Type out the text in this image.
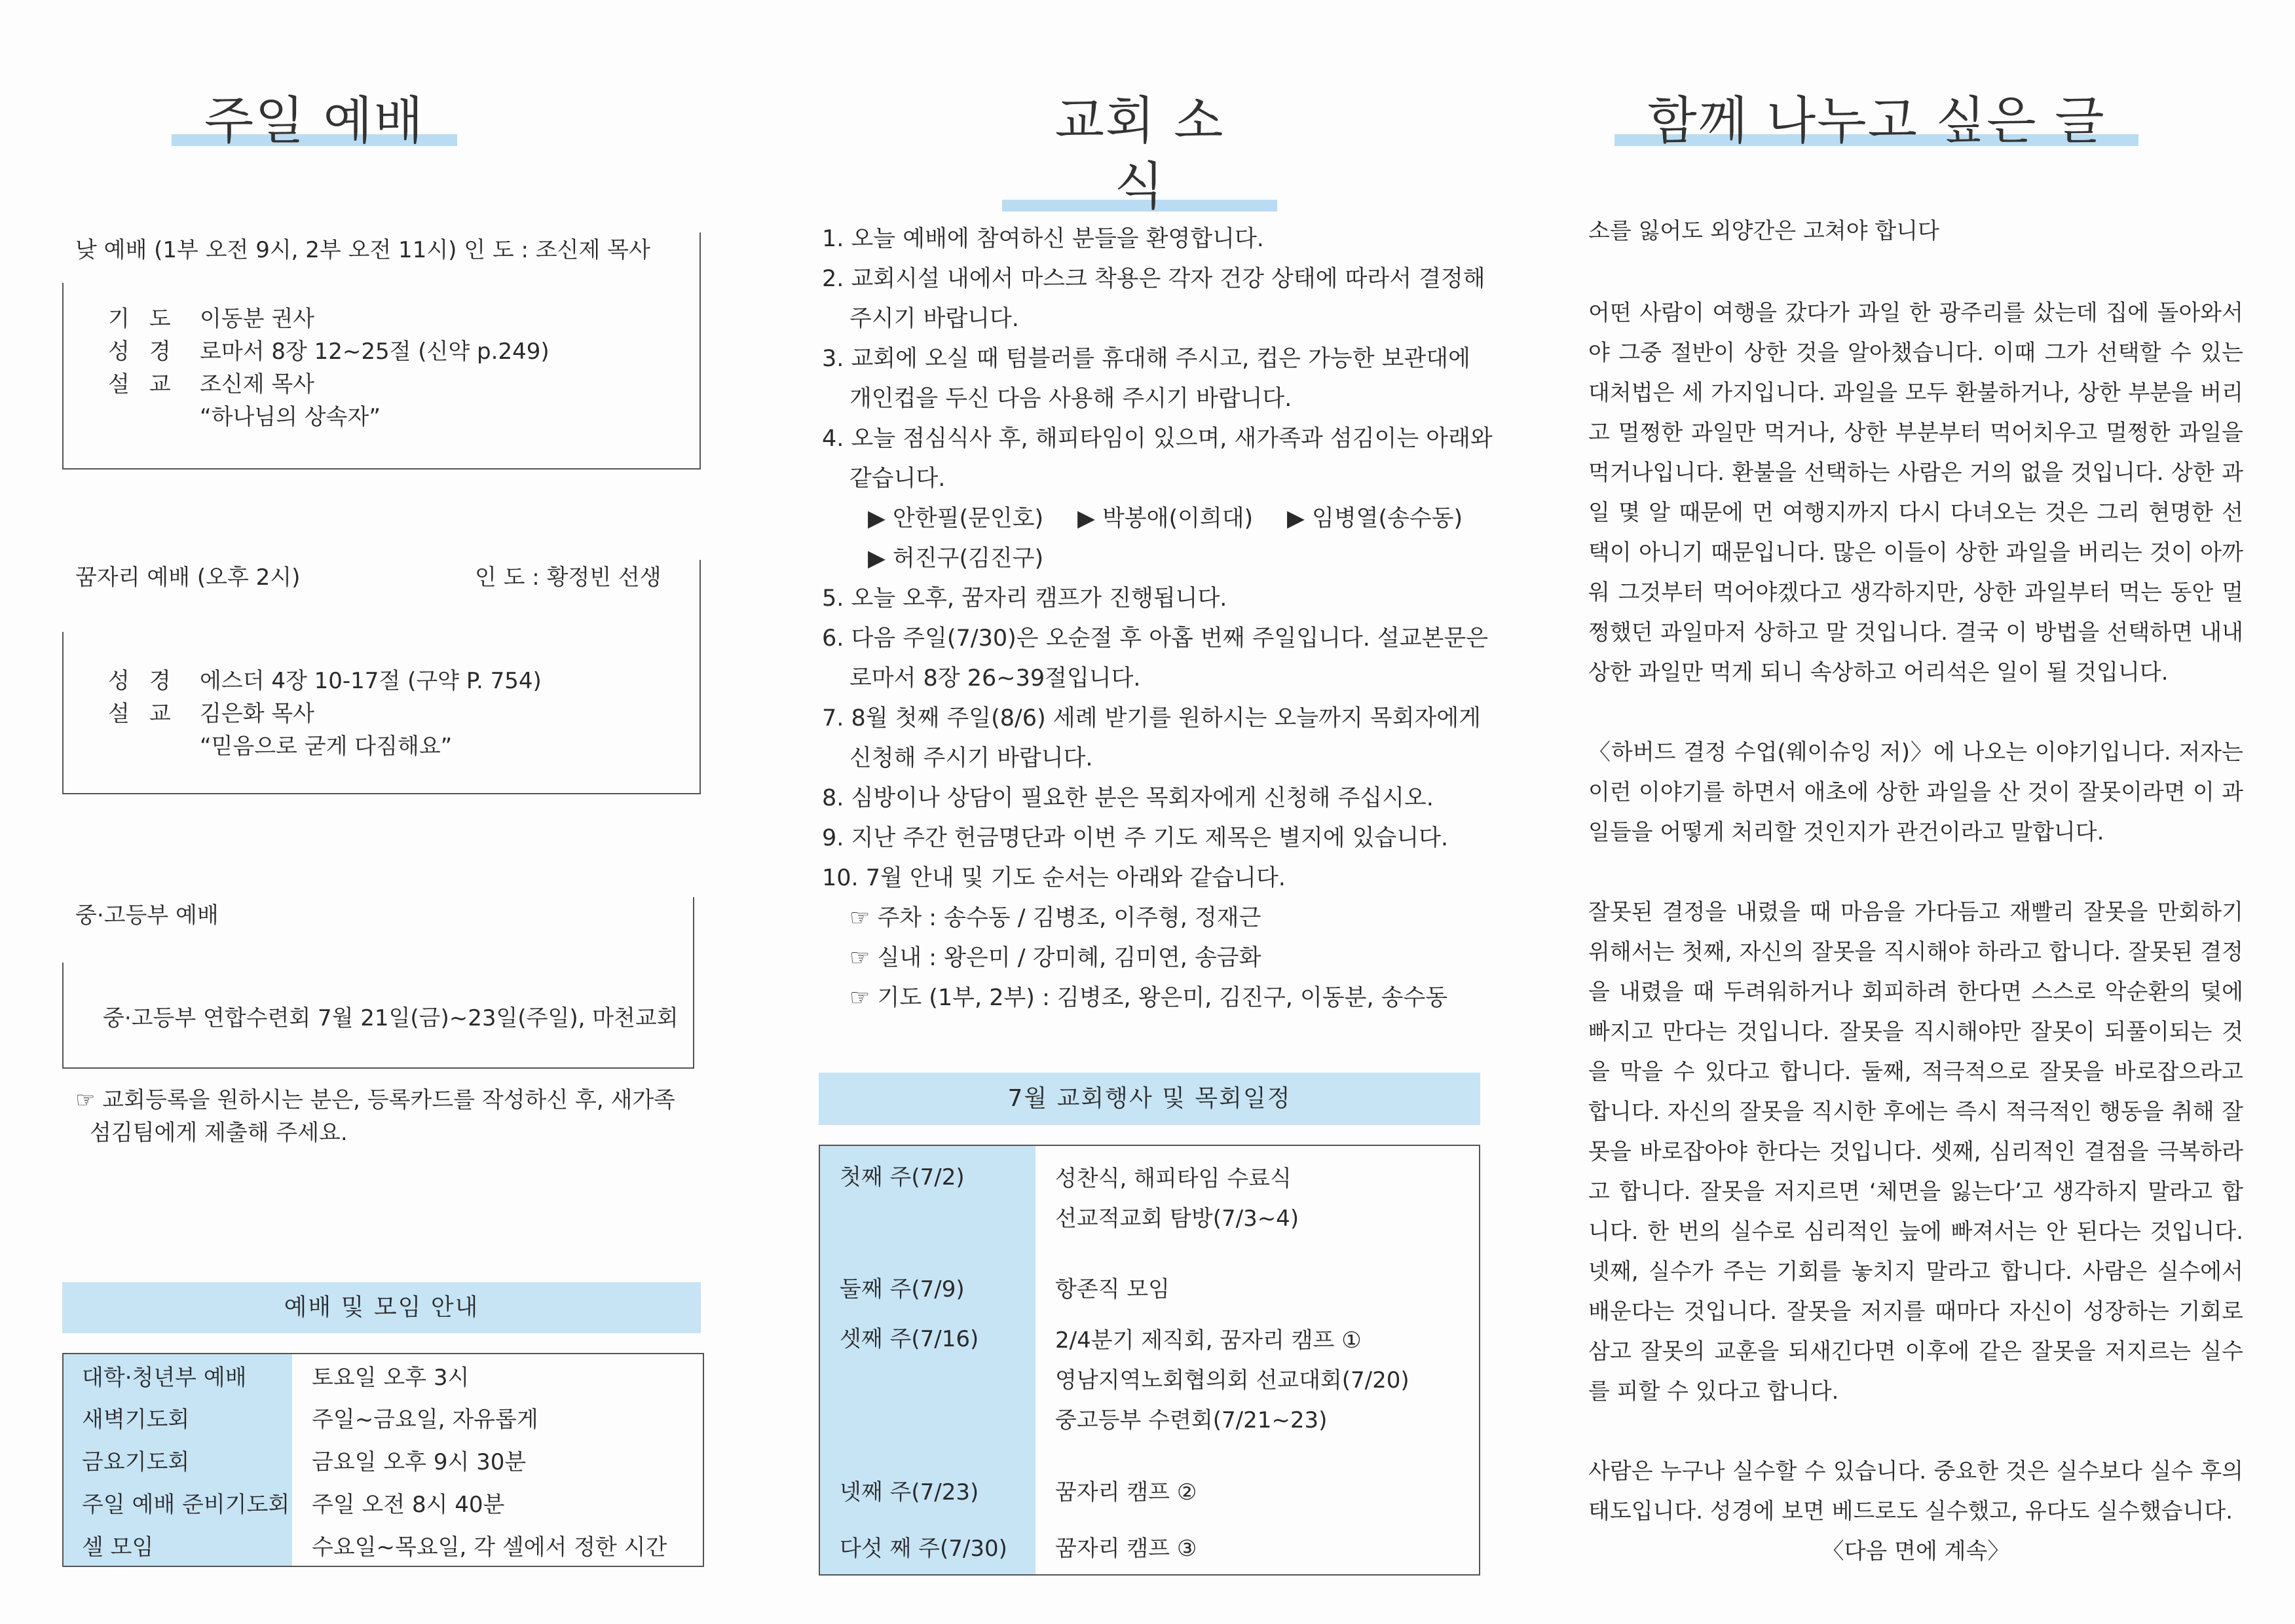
주일 예배
낮 예배 (1부 오전 9시, 2부 오전 11시) 인 도 : 조신제 목사
기도 이동분 권사
성경 로마서 8장 12~25절 (신약 p.249)
설교 조신제 목사
“하나님의 상속자”
꿈자리 예배 (오후 2시)	인 도 : 황정빈 선생
성경 에스더 4장 10-17절 (구약 P. 754)
설교 김은화 목사
“믿음으로 굳게 다짐해요”
중·고등부 예배
중·고등부 연합수련회 7월 21일(금)~23일(주일), 마천교회
☞ 교회등록을 원하시는 분은, 등록카드를 작성하신 후, 새가족
섬김팀에게 제출해 주세요.
예배 및 모임 안내
대학·청년부 예배	토요일 오후 3시
새벽기도회	주일~금요일, 자유롭게
금요기도회	금요일 오후 9시 30분
주일 예배 준비기도회	주일 오전 8시 40분
셀 모임	수요일~목요일, 각 셀에서 정한 시간
교회 소식
1. 오늘 예배에 참여하신 분들을 환영합니다.
2. 교회시설 내에서 마스크 착용은 각자 건강 상태에 따라서 결정해
주시기 바랍니다.
3. 교회에 오실 때 텀블러를 휴대해 주시고, 컵은 가능한 보관대에
개인컵을 두신 다음 사용해 주시기 바랍니다.
4. 오늘 점심식사 후, 해피타임이 있으며, 새가족과 섬김이는 아래와
같습니다.
▶ 안한필(문인호)	▶ 박봉애(이희대)	▶ 임병열(송수동)
▶ 허진구(김진구)
5. 오늘 오후, 꿈자리 캠프가 진행됩니다.
6. 다음 주일(7/30)은 오순절 후 아홉 번째 주일입니다. 설교본문은
로마서 8장 26~39절입니다.
7. 8월 첫째 주일(8/6) 세례 받기를 원하시는 오늘까지 목회자에게
신청해 주시기 바랍니다.
8. 심방이나 상담이 필요한 분은 목회자에게 신청해 주십시오.
9. 지난 주간 헌금명단과 이번 주 기도 제목은 별지에 있습니다.
10. 7월 안내 및 기도 순서는 아래와 같습니다.
☞ 주차 : 송수동 / 김병조, 이주형, 정재근
☞ 실내 : 왕은미 / 강미혜, 김미연, 송금화
☞ 기도 (1부, 2부) : 김병조, 왕은미, 김진구, 이동분, 송수동
7월 교회행사 및 목회일정
첫째 주(7/2)	성찬식, 해피타임 수료식
선교적교회 탐방(7/3~4)

둘째 주(7/9)	항존직 모임

셋째 주(7/16)	2/4분기 제직회, 꿈자리 캠프 ①
영남지역노회협의회 선교대회(7/20)
중고등부 수련회(7/21~23)

넷째 주(7/23)	꿈자리 캠프 ②

다섯 째 주(7/30)	꿈자리 캠프 ③
함께 나누고 싶은 글
소를 잃어도 외양간은 고쳐야 합니다

어떤 사람이 여행을 갔다가 과일 한 광주리를 샀는데 집에 돌아와서 야 그중 절반이 상한 것을 알아챘습니다. 이때 그가 선택할 수 있는 대처법은 세 가지입니다. 과일을 모두 환불하거나, 상한 부분을 버리고 멀쩡한 과일만 먹거나, 상한 부분부터 먹어치우고 멀쩡한 과일을 먹거나입니다. 환불을 선택하는 사람은 거의 없을 것입니다. 상한 과일 몇 알 때문에 먼 여행지까지 다시 다녀오는 것은 그리 현명한 선택이 아니기 때문입니다. 많은 이들이 상한 과일을 버리는 것이 아까워 그것부터 먹어야겠다고 생각하지만, 상한 과일부터 먹는 동안 멀쩡했던 과일마저 상하고 말 것입니다. 결국 이 방법을 선택하면 내내 상한 과일만 먹게 되니 속상하고 어리석은 일이 될 것입니다.

〈하버드 결정 수업(웨이슈잉 저)〉에 나오는 이야기입니다. 저자는 이런 이야기를 하면서 애초에 상한 과일을 산 것이 잘못이라면 이 과일들을 어떻게 처리할 것인지가 관건이라고 말합니다.

잘못된 결정을 내렸을 때 마음을 가다듬고 재빨리 잘못을 만회하기 위해서는 첫째, 자신의 잘못을 직시해야 하라고 합니다. 잘못된 결정을 내렸을 때 두려워하거나 회피하려 한다면 스스로 악순환의 덫에 빠지고 만다는 것입니다. 잘못을 직시해야만 잘못이 되풀이되는 것을 막을 수 있다고 합니다. 둘째, 적극적으로 잘못을 바로잡으라고 합니다. 자신의 잘못을 직시한 후에는 즉시 적극적인 행동을 취해 잘못을 바로잡아야 한다는 것입니다. 셋째, 심리적인 결점을 극복하라고 합니다. 잘못을 저지르면 ‘체면을 잃는다’고 생각하지 말라고 합니다. 한 번의 실수로 심리적인 늪에 빠져서는 안 된다는 것입니다. 넷째, 실수가 주는 기회를 놓치지 말라고 합니다. 사람은 실수에서 배운다는 것입니다. 잘못을 저지를 때마다 자신이 성장하는 기회로 삼고 잘못의 교훈을 되새긴다면 이후에 같은 잘못을 저지르는 실수를 피할 수 있다고 합니다.

사람은 누구나 실수할 수 있습니다. 중요한 것은 실수보다 실수 후의 태도입니다. 성경에 보면 베드로도 실수했고, 유다도 실수했습니다.

〈다음 면에 계속〉
